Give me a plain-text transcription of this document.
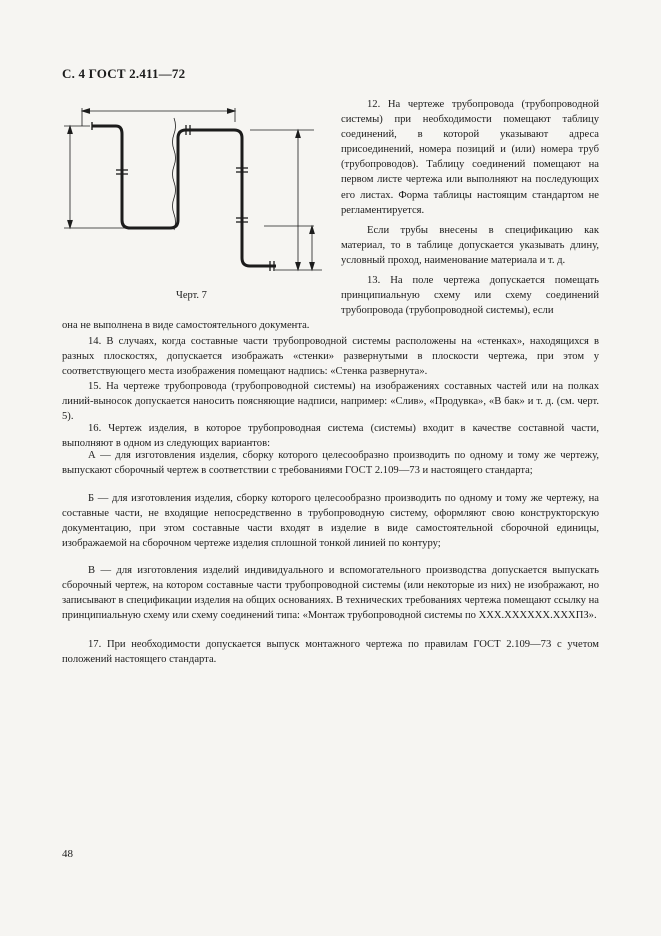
С. 4 ГОСТ 2.411—72
Черт. 7

12. На чертеже трубопровода (трубопроводной системы) при необходимости помещают таблицу соединений, в которой указывают адреса присоединений, номера позиций и (или) номера труб (трубопроводов). Таблицу соединений помещают на первом листе чертежа или выполняют на последующих его листах. Форма таблицы настоящим стандартом не регламентируется.

Если трубы внесены в спецификацию как материал, то в таблице допускается указывать длину, условный проход, наименование материала и т. д.

13. На поле чертежа допускается помещать принципиальную схему или схему соединений трубопровода (трубопроводной системы), если

она не выполнена в виде самостоятельного документа.

14. В случаях, когда составные части трубопроводной системы расположены на «стенках», находящихся в разных плоскостях, допускается изображать «стенки» развернутыми в плоскости чертежа, при этом у соответствующего места изображения помещают надпись: «Стенка развернута».

15. На чертеже трубопровода (трубопроводной системы) на изображениях составных частей или на полках линий-выносок допускается наносить поясняющие надписи, например: «Слив», «Продувка», «В бак» и т. д. (см. черт. 5).

16. Чертеж изделия, в которое трубопроводная система (системы) входит в качестве составной части, выполняют в одном из следующих вариантов:

А — для изготовления изделия, сборку которого целесообразно производить по одному и тому же чертежу, выпускают сборочный чертеж в соответствии с требованиями ГОСТ 2.109—73 и настоящего стандарта;

Б — для изготовления изделия, сборку которого целесообразно производить по одному и тому же чертежу, на составные части, не входящие непосредственно в трубопроводную систему, оформляют свою конструкторскую документацию, при этом составные части входят в изделие в виде самостоятельной сборочной единицы, изображаемой на сборочном чертеже изделия сплошной тонкой линией по контуру;

В — для изготовления изделий индивидуального и вспомогательного производства допускается выпускать сборочный чертеж, на котором составные части трубопроводной системы (или некоторые из них) не изображают, но записывают в спецификации изделия на общих основаниях. В технических требованиях чертежа помещают ссылку на принципиальную схему или схему соединений типа: «Монтаж трубопроводной системы по ХХХ.ХХХХХХ.ХХХПЗ».

17. При необходимости допускается выпуск монтажного чертежа по правилам ГОСТ 2.109—73 с учетом положений настоящего стандарта.

48
